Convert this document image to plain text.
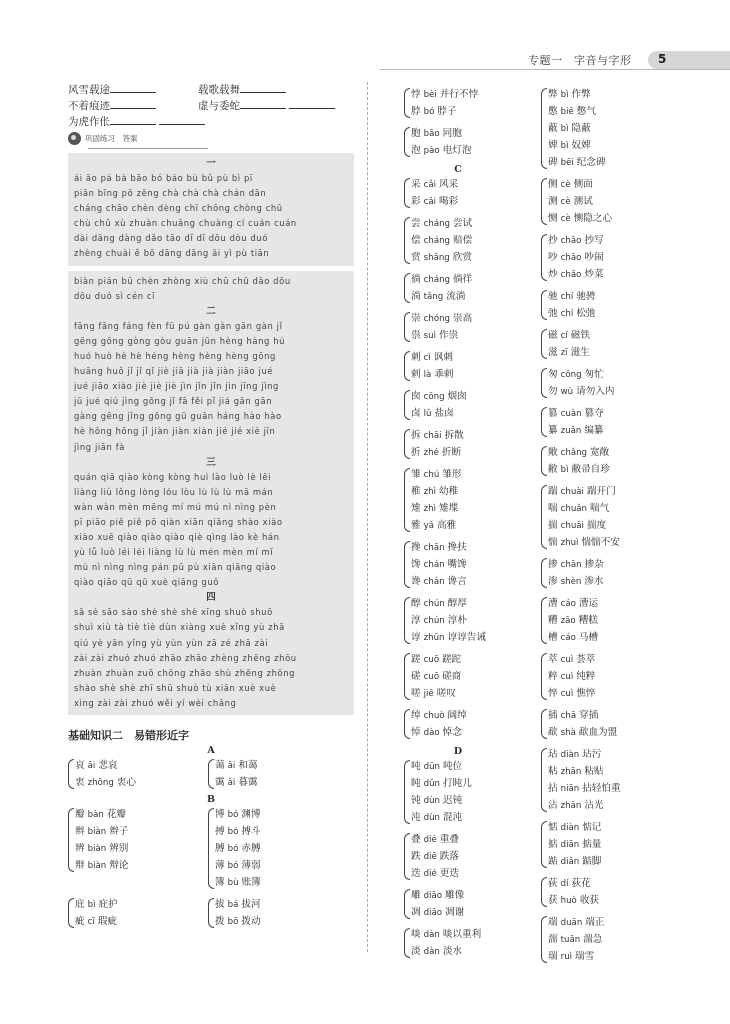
专题一　字音与字形 5
风雪载途	载歌载舞
不着痕迹	虚与委蛇
为虎作伥
巩固练习　答案
一
ái āo pá bà bāo bó báo bù bǔ pù bì pī
piān bīng pō zēng chà chà chà chán dān
cháng chāo chèn dèng chī chōng chòng chū
chù chǔ xù zhuàn chuǎng chuàng cí cuán cuán
dài dāng dàng dǎo tāo dǐ dī dōu dòu duó
zhèng chuài ě bō dāng dāng āi yì pù tiān
biàn pián bū chèn zhòng xiù chū chū dāo dōu
dōu duó sì cén cī
二
fāng fǎng fáng fèn fū pú gàn gàn gān gàn jǐ
gēng gōng gòng gòu guān jūn hèng hàng hú
huó huò hè hè héng hèng hèng hèng gōng
huāng huǒ jǐ jǐ qǐ jiè jiā jià jià jiàn jiāo jué
jué jiāo xiào jiè jiè jiè jìn jǐn jǐn jìn jīng jìng
jū jué qiú jìng gōng jǐ fā fěi pǐ jiá gān gān
gàng gēng jǐng gōng gū guān háng hào hào
hè hōng hōng jǐ jiàn jiàn xiàn jié jié xiè jīn
jìng jiān fà
三
quán qiā qiào kòng kòng huì lào luò lè lēi
liàng liù lǒng lòng lóu lòu lù lù lù mā mán
wàn wàn mèn mēng mí mú mú nì nìng pèn
pī piāo piě piě pō qiàn xiān qiāng shào xiào
xiào xuē qiào qiào qiào qiè qìng lào kè hán
yù lǚ luò léi léi liàng lù lù mén mèn mí mǐ
mù nì nìng nìng pán pū pù xiān qiāng qiào
qiào qiāo qū qū xuè qiāng guō
四
sā sè sāo sào shè shè shè xīng shuò shuō
shuì xiù tà tiè tiè dùn xiàng xuè xǐng yù zhā
qiú yè yān yǐng yù yùn yùn zā zé zhā zài
zài zài zhuó zhuó zhāo zhāo zhèng zhēng zhōu
zhuàn zhuàn zuō chōng zhāo shù zhēng zhōng
shào shè shè zhī shū shuò tù xiān xuè xuè
xìng zài zài zhuó wěi yí wèi chāng
基础知识二　易错形近字
A
哀 āi 悲哀
衷 zhōng 衷心
蔼 ǎi 和蔼
霭 ǎi 暮霭
B
瓣 bàn 花瓣
辫 biàn 辫子
辨 biàn 辨别
辩 biàn 辩论
博 bó 渊博
搏 bó 搏斗
膊 bó 赤膊
薄 bó 薄弱
簿 bù 账簿
庇 bì 庇护
疵 cī 瑕疵
拔 bá 拔河
拨 bō 拨动
悖 bèi 并行不悖
脖 bó 脖子
胞 bāo 同胞
泡 pào 电灯泡
C
采 cǎi 风采
彩 cǎi 喝彩
尝 cháng 尝试
偿 cháng 赔偿
赏 shǎng 欣赏
徜 cháng 徜徉
淌 tǎng 流淌
崇 chóng 崇高
祟 suì 作祟
刺 cì 讽刺
剌 là 乖剌
囱 cōng 烟囱
卤 lǔ 盐卤
拆 chāi 拆散
折 zhé 折断
雏 chú 雏形
稚 zhì 幼稚
雉 zhì 雉堞
雅 yǎ 高雅
搀 chān 搀扶
馋 chán 嘴馋
谗 chán 谗言
醇 chún 醇厚
淳 chún 淳朴
谆 zhūn 谆谆告诫
蹉 cuō 蹉跎
磋 cuō 磋商
嗟 jiē 嗟叹
绰 chuò 阔绰
悼 dào 悼念
D
吨 dūn 吨位
盹 dǔn 打盹儿
钝 dùn 迟钝
沌 dùn 混沌
叠 dié 重叠
跌 diē 跌落
迭 dié 更迭
雕 diāo 雕像
凋 diāo 凋谢
啖 dàn 啖以重利
淡 dàn 淡水
弊 bì 作弊
憋 biē 憋气
蔽 bì 隐蔽
婢 bì 奴婢
碑 bēi 纪念碑
侧 cè 侧面
测 cè 测试
恻 cè 恻隐之心
抄 chāo 抄写
吵 chāo 吵闹
炒 chǎo 炒菜
驰 chí 驰骋
弛 chí 松弛
磁 cí 磁铁
滋 zī 滋生
匆 cōng 匆忙
勿 wù 请勿入内
篡 cuàn 篡夺
纂 zuǎn 编纂
敞 chǎng 宽敞
敝 bì 敝帚自珍
踹 chuài 踹开门
喘 chuǎn 喘气
揣 chuǎi 揣度
惴 zhuì 惴惴不安
掺 chān 掺杂
渗 shèn 渗水
漕 cáo 漕运
糟 zāo 糟糕
槽 cáo 马槽
萃 cuì 荟萃
粹 cuì 纯粹
悴 cuì 憔悴
插 chā 穿插
歃 shà 歃血为盟
玷 diàn 玷污
粘 zhān 粘贴
拈 niān 拈轻怕重
沾 zhān 沾光
惦 diàn 惦记
掂 diān 掂量
踮 diǎn 踮脚
荻 dí 荻花
获 huò 收获
端 duān 端正
湍 tuān 湍急
瑞 ruì 瑞雪
